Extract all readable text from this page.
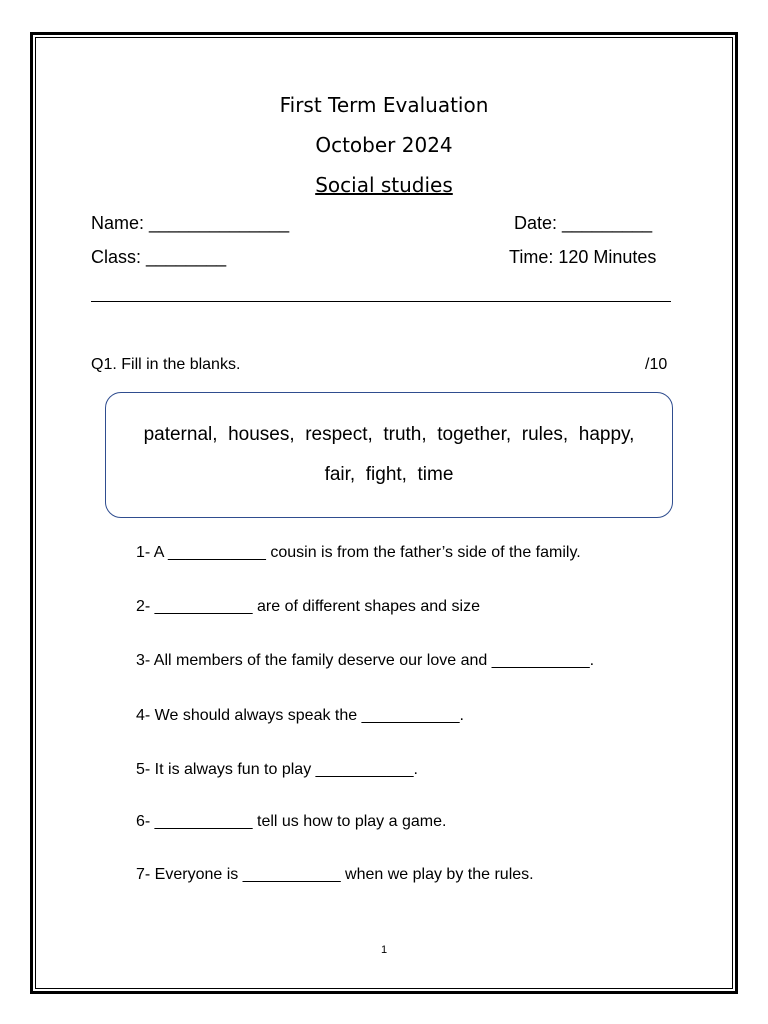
First Term Evaluation
October 2024
Social studies
Name: ______________	Date: _________
Class: ________	Time: 120 Minutes
Q1. Fill in the blanks.	/10
paternal, houses, respect, truth, together, rules, happy,
fair, fight, time
1- A ___________ cousin is from the father’s side of the family.
2- ___________ are of different shapes and size
3- All members of the family deserve our love and ___________.
4- We should always speak the ___________.
5- It is always fun to play ___________.
6- ___________ tell us how to play a game.
7- Everyone is ___________ when we play by the rules.
1
